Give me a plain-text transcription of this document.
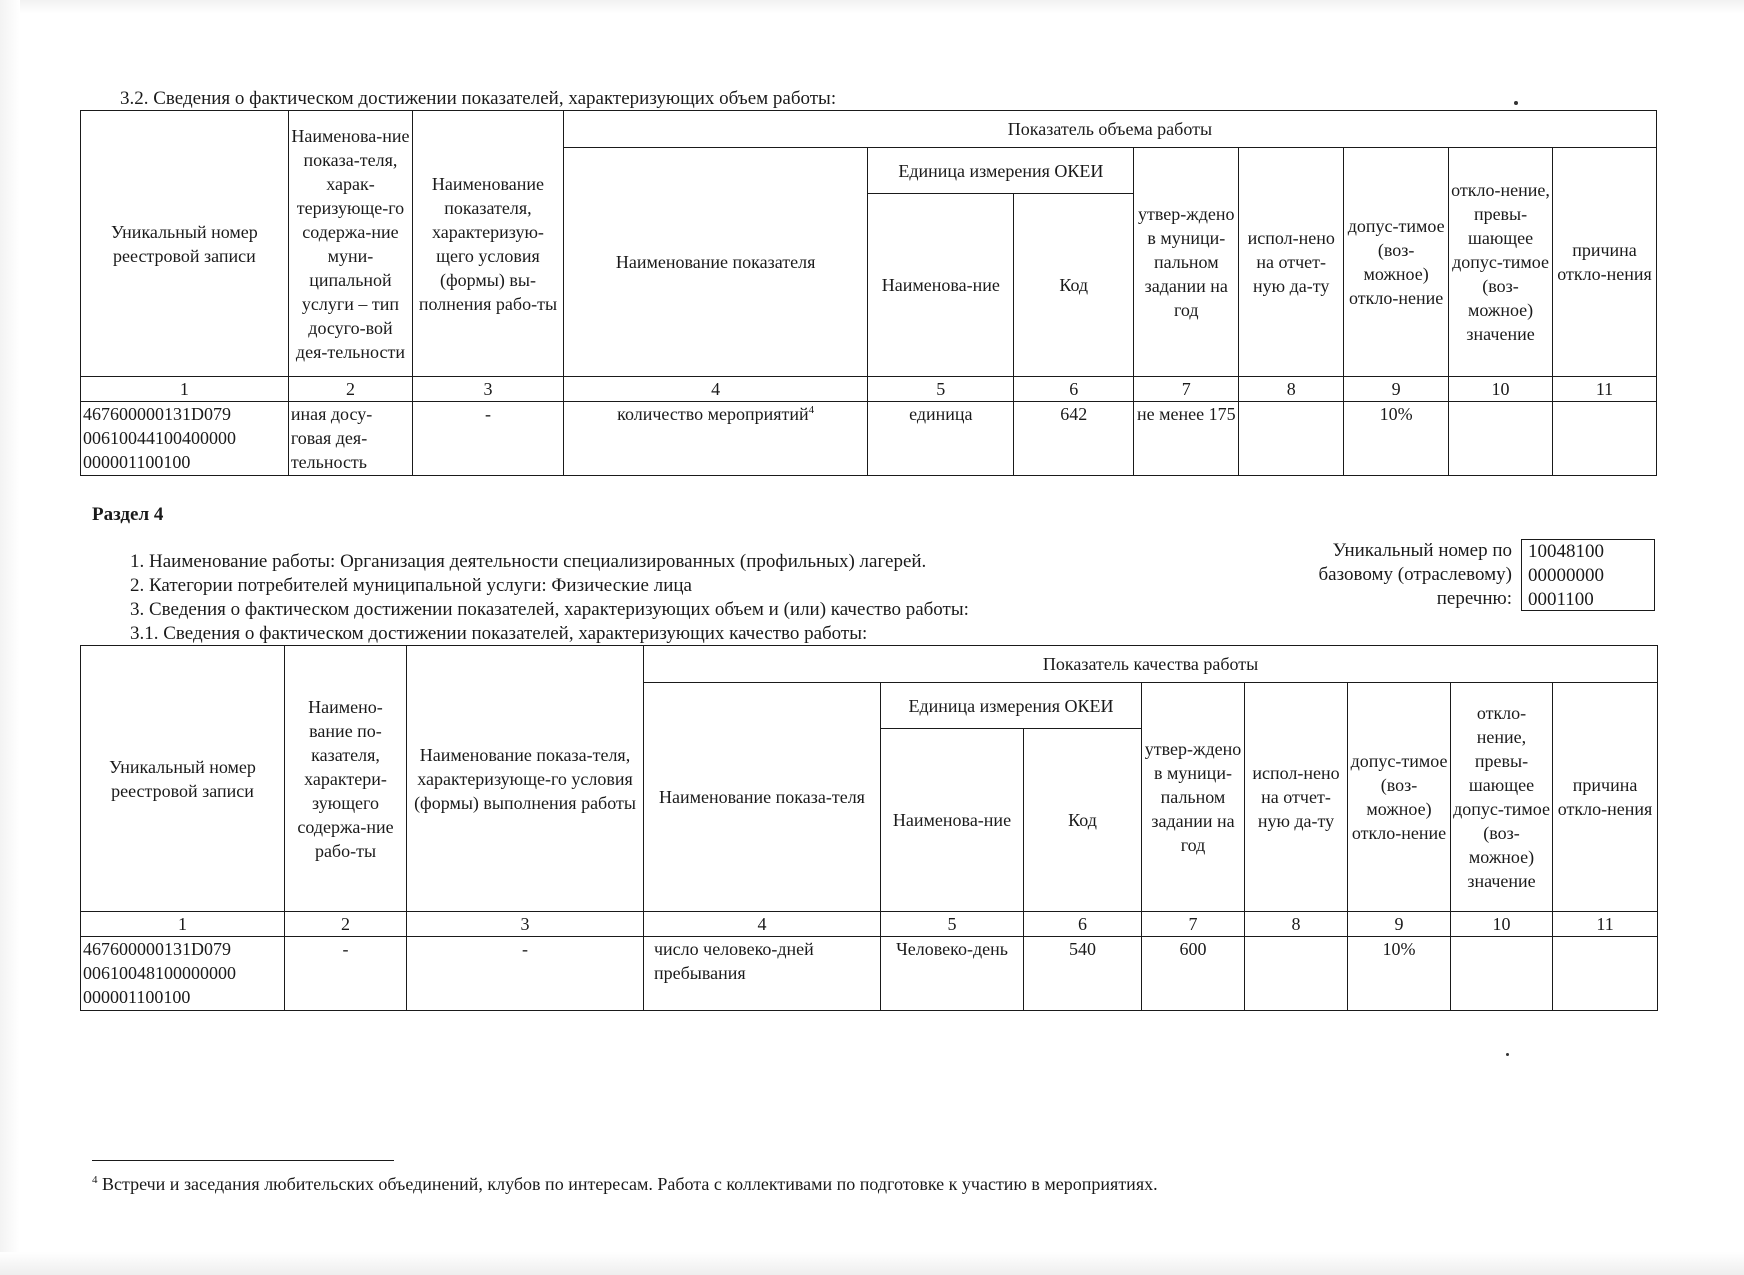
3.2. Сведения о фактическом достижении показателей, характеризующих объем работы:
Уникальный номер реестровой записи	Наименова-ние показа-теля, харак-теризующе-го содержа-ние муни-ципальной услуги – тип досуго-вой дея-тельности	Наименование показателя, характеризую-щего условия (формы) вы-полнения рабо-ты	Показатель объема работы							
			Наименование показателя	Единица измерения ОКЕИ		утвер-ждено в муници-пальном задании на год	испол-нено на отчет-ную да-ту	допус-тимое (воз-можное) откло-нение	откло-нение, превы-шающее допус-тимое (воз-можное) значение	причина откло-нения
				Наименова-ние	Код					
1	2	3	4	5	6	7	8	9	10	11
467600000131D079 00610044100400000 000001100100	иная досу-говая дея-тельность	-	количество мероприятий$^4$	единица	642	не менее 175		10%		
Раздел 4
1. Наименование работы: Организация деятельности специализированных (профильных) лагерей.
2. Категории потребителей муниципальной услуги: Физические лица
3. Сведения о фактическом достижении показателей, характеризующих объем и (или) качество работы:
3.1. Сведения о фактическом достижении показателей, характеризующих качество работы:
Уникальный номер по
базовому (отраслевому)
перечню:
10048100
00000000
0001100
Уникальный номер реестровой записи	Наимено-вание по-казателя, характери-зующего содержа-ние рабо-ты	Наименование показа-теля, характеризующе-го условия (формы) выполнения работы	Показатель качества работы							
			Наименование показа-теля	Единица измерения ОКЕИ		утвер-ждено в муници-пальном задании на год	испол-нено на отчет-ную да-ту	допус-тимое (воз-можное) откло-нение	откло-нение, превы-шающее допус-тимое (воз-можное) значение	причина откло-нения
				Наименова-ние	Код					
1	2	3	4	5	6	7	8	9	10	11
467600000131D079 00610048100000000 000001100100	-	-	число человеко-дней пребывания	Человеко-день	540	600		10%		
$^4$ Встречи и заседания любительских объединений, клубов по интересам. Работа с коллективами по подготовке к участию в мероприятиях.
